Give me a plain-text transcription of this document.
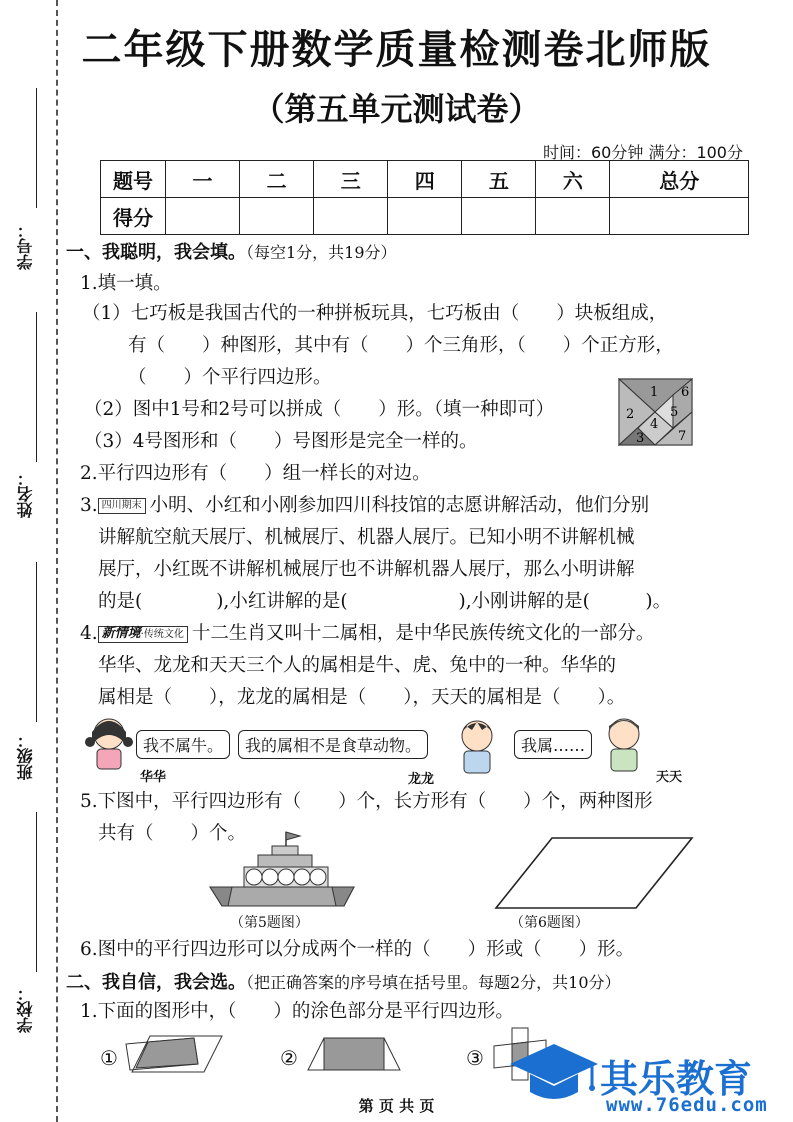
学号：
姓名：
班级：
学校：
二年级下册数学质量检测卷北师版
（第五单元测试卷）
时间：60分钟 满分：100分
题号	一	二	三	四	五	六	总分
得分							
一、我聪明，我会填。（每空1分，共19分）
1.填一填。
（1）七巧板是我国古代的一种拼板玩具，七巧板由（　　）块板组成，
有（　　）种图形，其中有（　　）个三角形，（　　）个正方形，
（　　）个平行四边形。
（2）图中1号和2号可以拼成（　　）形。（填一种即可）
（3）4号图形和（　　）号图形是完全一样的。
1
2
3
4
5
6
7
2.平行四边形有（　　）组一样长的对边。
3. 四川期末 小明、小红和小刚参加四川科技馆的志愿讲解活动，他们分别
讲解航空航天展厅、机械展厅、机器人展厅。已知小明不讲解机械
展厅，小红既不讲解机械展厅也不讲解机器人展厅，那么小明讲解
的是(　　　　),小红讲解的是(　　　　　　),小刚讲解的是(　　　)。
4. 新情境·传统文化 十二生肖又叫十二属相，是中华民族传统文化的一部分。
华华、龙龙和天天三个人的属相是牛、虎、兔中的一种。华华的
属相是（　　），龙龙的属相是（　　），天天的属相是（　　）。
我不属牛。	我的属相不是食草动物。	我属……
华华	龙龙	天天
5.下图中，平行四边形有（　　）个，长方形有（　　）个，两种图形
共有（　　）个。
（第5题图）	（第6题图）
6.图中的平行四边形可以分成两个一样的（　　）形或（　　）形。
二、我自信，我会选。（把正确答案的序号填在括号里。每题2分，共10分）
1.下面的图形中，（　　）的涂色部分是平行四边形。
①	②	③
第 页 共 页
其乐教育
www.76edu.com
